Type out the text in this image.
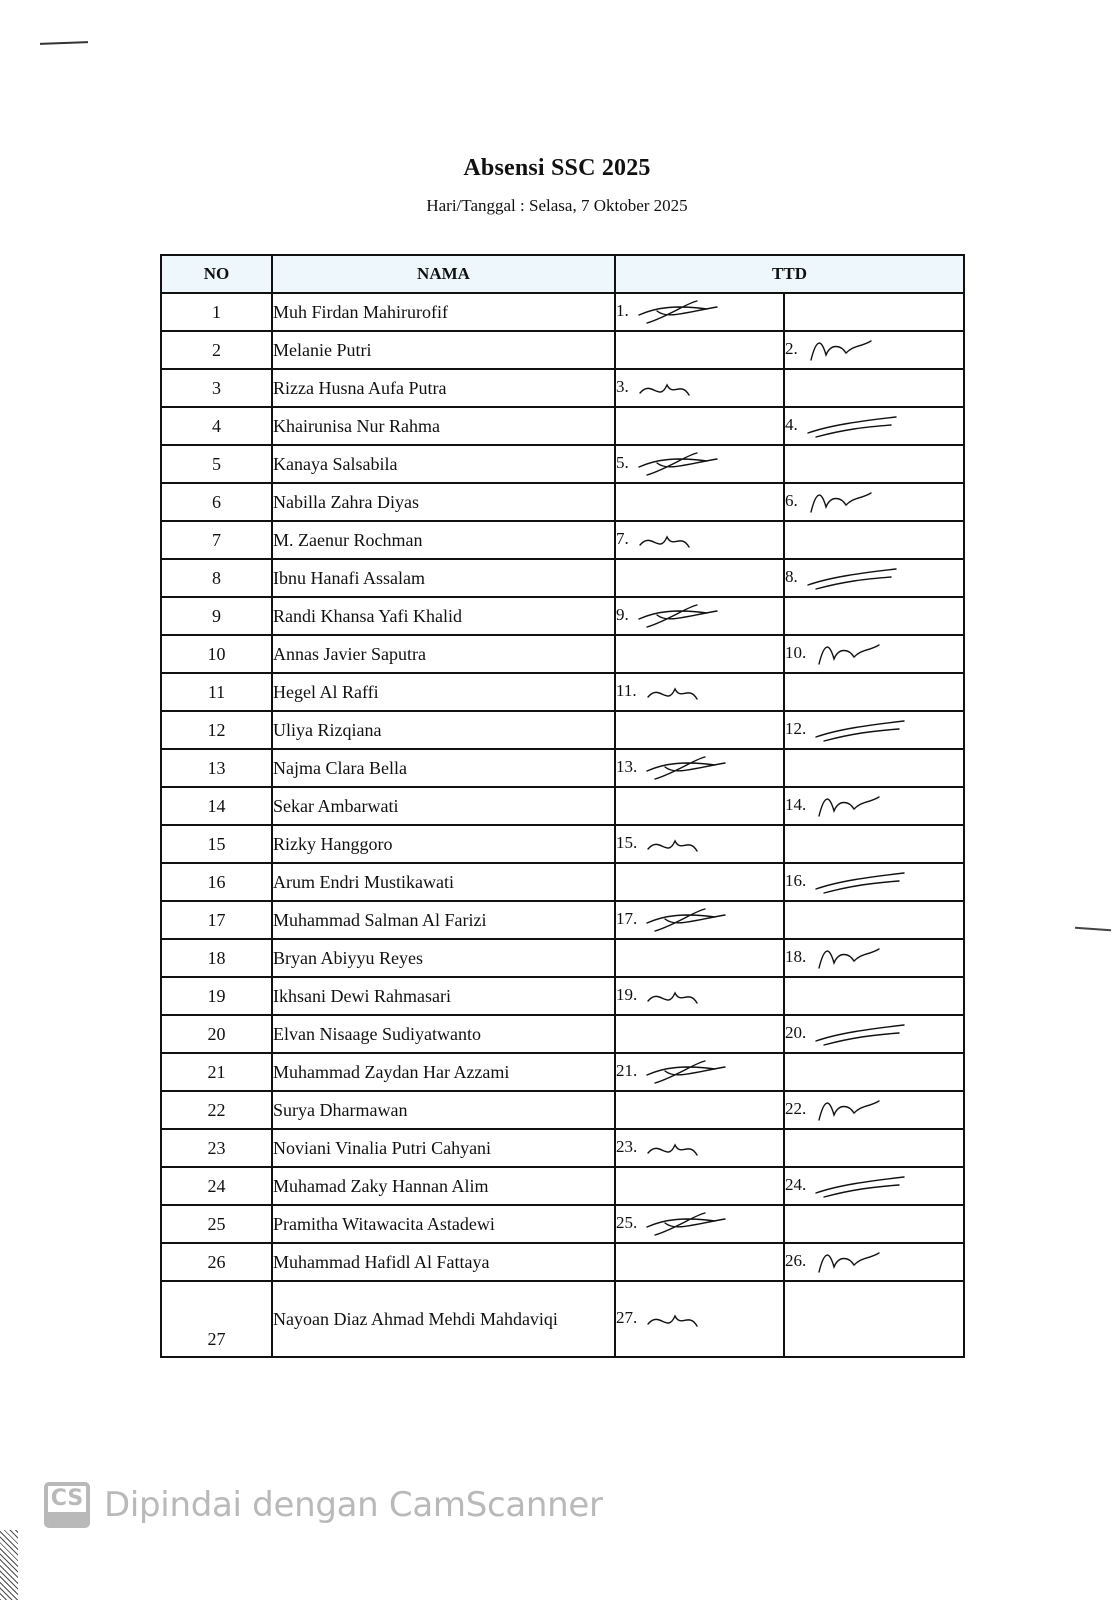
Absensi SSC 2025
Hari/Tanggal : Selasa, 7 Oktober 2025
NO	NAMA	TTD	
1	Muh Firdan Mahirurofif	1.	
2	Melanie Putri		2.
3	Rizza Husna Aufa Putra	3.	
4	Khairunisa Nur Rahma		4.
5	Kanaya Salsabila	5.	
6	Nabilla Zahra Diyas		6.
7	M. Zaenur Rochman	7.	
8	Ibnu Hanafi Assalam		8.
9	Randi Khansa Yafi Khalid	9.	
10	Annas Javier Saputra		10.
11	Hegel Al Raffi	11.	
12	Uliya Rizqiana		12.
13	Najma Clara Bella	13.	
14	Sekar Ambarwati		14.
15	Rizky Hanggoro	15.	
16	Arum Endri Mustikawati		16.
17	Muhammad Salman Al Farizi	17.	
18	Bryan Abiyyu Reyes		18.
19	Ikhsani Dewi Rahmasari	19.	
20	Elvan Nisaage Sudiyatwanto		20.
21	Muhammad Zaydan Har Azzami	21.	
22	Surya Dharmawan		22.
23	Noviani Vinalia Putri Cahyani	23.	
24	Muhamad Zaky Hannan Alim		24.
25	Pramitha Witawacita Astadewi	25.	
26	Muhammad Hafidl Al Fattaya		26.
27	Nayoan Diaz Ahmad Mehdi Mahdaviqi	27.	
CS Dipindai dengan CamScanner
